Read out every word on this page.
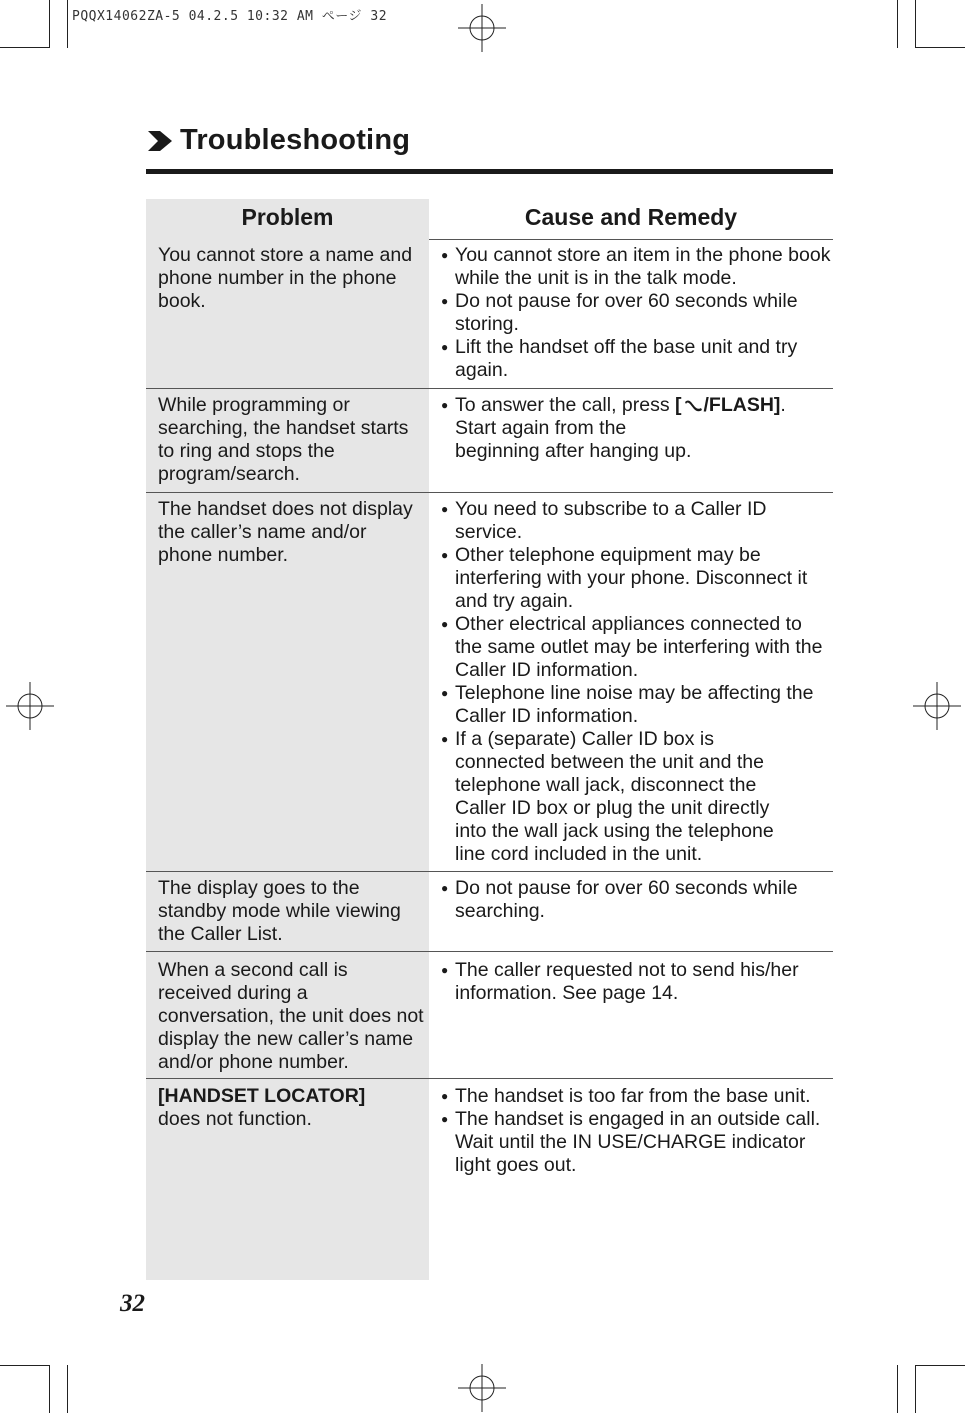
PQQX14062ZA-5 04.2.5 10:32 AM ページ 32
Troubleshooting
Problem	Cause and Remedy
You cannot store a name and phone number in the phone book.
● You cannot store an item in the phone book while the unit is in the talk mode.
● Do not pause for over 60 seconds while storing.
● Lift the handset off the base unit and try again.
While programming or searching, the handset starts to ring and stops the program/search.
● To answer the call, press [ /FLASH].
Start again from the
beginning after hanging up.
The handset does not display the caller’s name and/or phone number.
● You need to subscribe to a Caller ID service.
● Other telephone equipment may be interfering with your phone. Disconnect it and try again.
● Other electrical appliances connected to the same outlet may be interfering with the Caller ID information.
● Telephone line noise may be affecting the Caller ID information.
● If a (separate) Caller ID box is connected between the unit and the telephone wall jack, disconnect the Caller ID box or plug the unit directly into the wall jack using the telephone line cord included in the unit.
The display goes to the standby mode while viewing the Caller List.
● Do not pause for over 60 seconds while searching.
When a second call is received during a conversation, the unit does not display the new caller’s name and/or phone number.
● The caller requested not to send his/her information. See page 14.
[HANDSET LOCATOR]
does not function.
● The handset is too far from the base unit.
● The handset is engaged in an outside call. Wait until the IN USE/CHARGE indicator light goes out.
32
